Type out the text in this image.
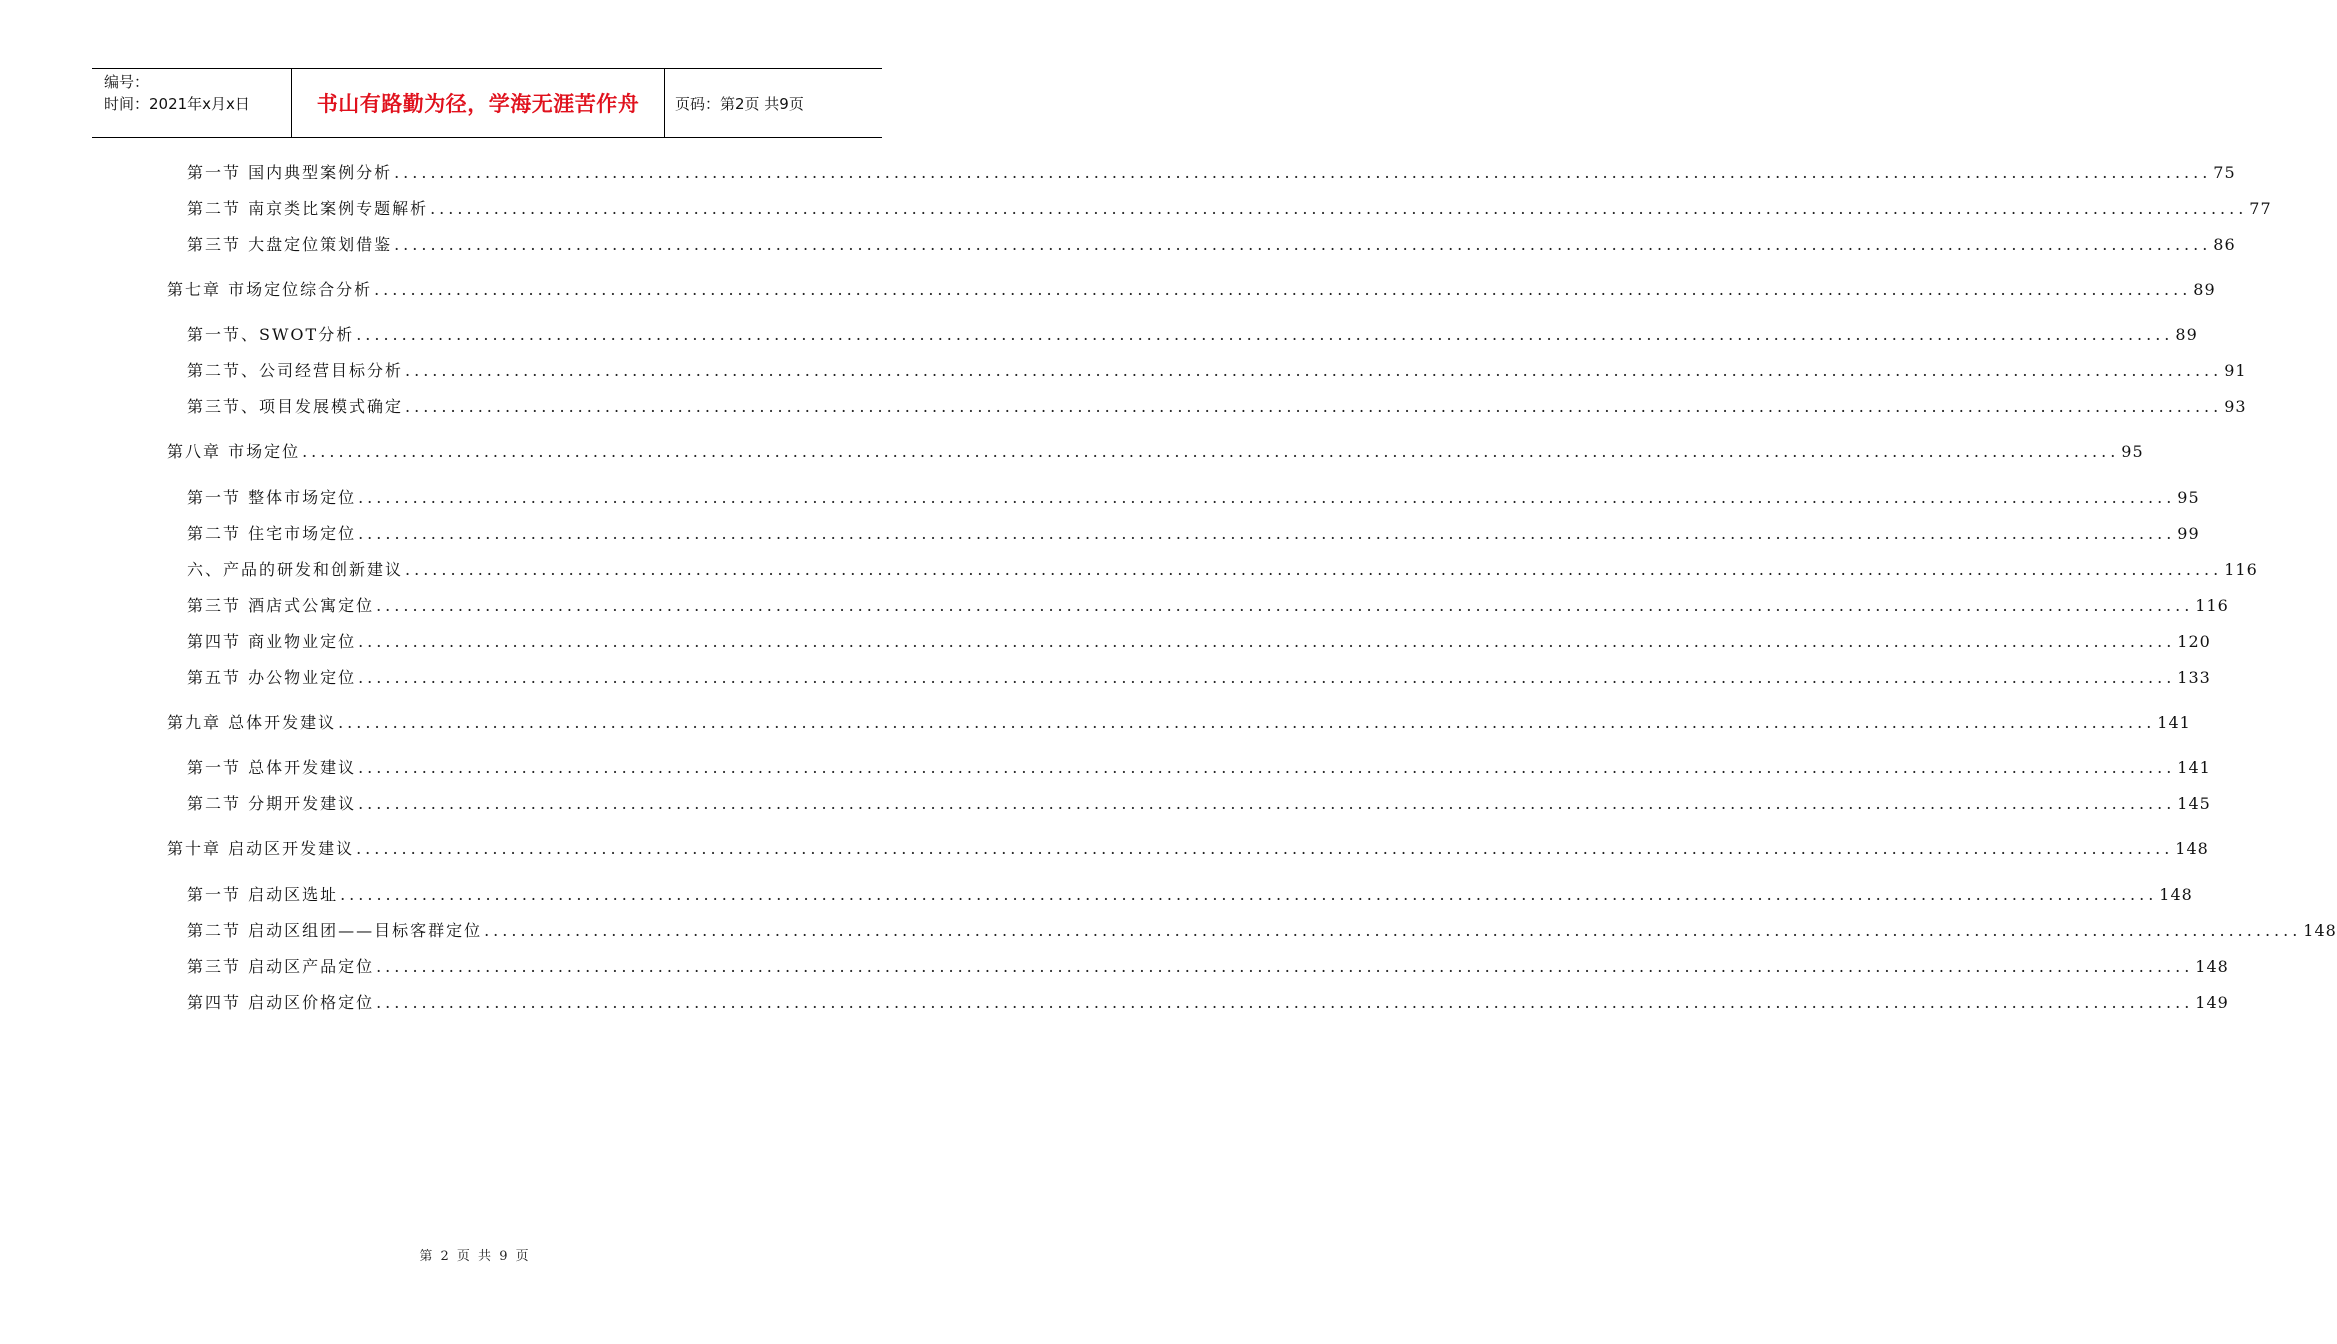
编号：
时间：2021年x月x日	书山有路勤为径，学海无涯苦作舟 页码：第2页 共9页
第一节 国内典型案例分析 ........................................................................................................................................................................................................ 75
第二节 南京类比案例专题解析 ........................................................................................................................................................................................................ 77
第三节 大盘定位策划借鉴 ........................................................................................................................................................................................................ 86
第七章 市场定位综合分析 ........................................................................................................................................................................................................ 89
第一节、SWOT分析 ........................................................................................................................................................................................................ 89
第二节、公司经营目标分析 ........................................................................................................................................................................................................ 91
第三节、项目发展模式确定 ........................................................................................................................................................................................................ 93
第八章 市场定位 ........................................................................................................................................................................................................ 95
第一节 整体市场定位 ........................................................................................................................................................................................................ 95
第二节 住宅市场定位 ........................................................................................................................................................................................................ 99
六、产品的研发和创新建议 ........................................................................................................................................................................................................ 116
第三节 酒店式公寓定位 ........................................................................................................................................................................................................ 116
第四节 商业物业定位 ........................................................................................................................................................................................................ 120
第五节 办公物业定位 ........................................................................................................................................................................................................ 133
第九章 总体开发建议 ........................................................................................................................................................................................................ 141
第一节 总体开发建议 ........................................................................................................................................................................................................ 141
第二节 分期开发建议 ........................................................................................................................................................................................................ 145
第十章 启动区开发建议 ........................................................................................................................................................................................................ 148
第一节 启动区选址 ........................................................................................................................................................................................................ 148
第二节 启动区组团——目标客群定位 ........................................................................................................................................................................................................ 148
第三节 启动区产品定位 ........................................................................................................................................................................................................ 148
第四节 启动区价格定位 ........................................................................................................................................................................................................ 149
第 2 页 共 9 页
